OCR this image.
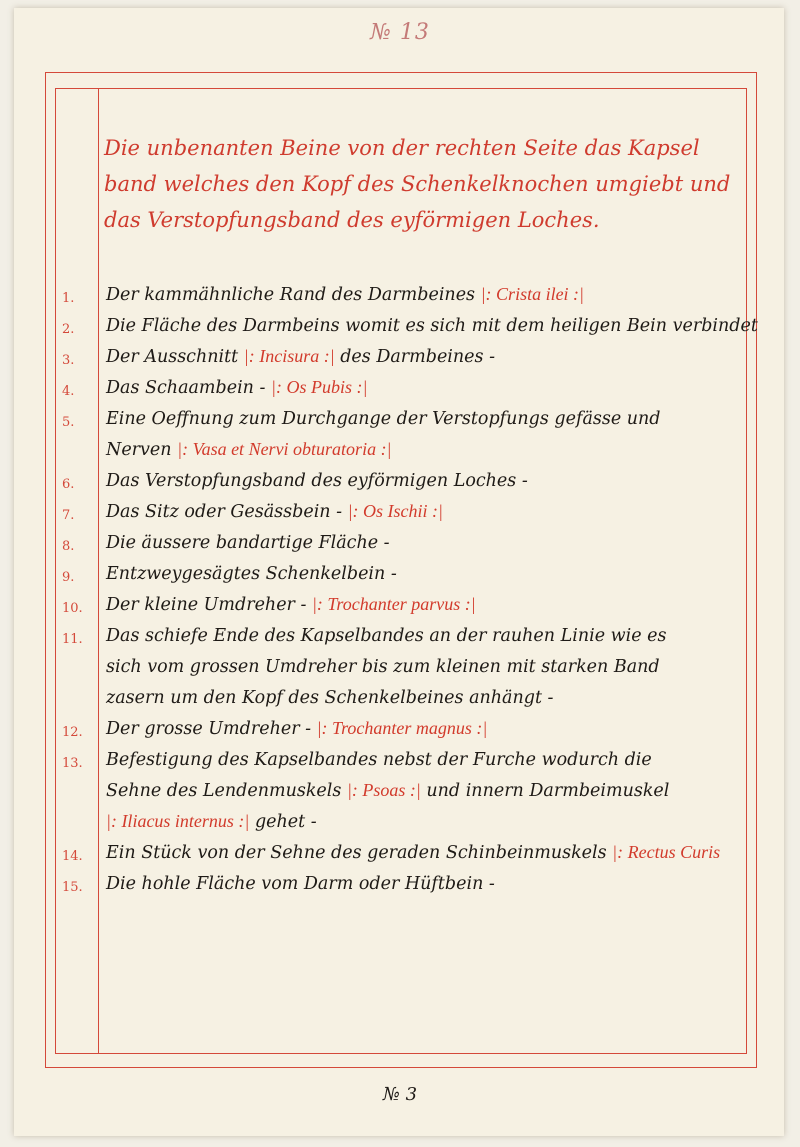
№ 13
Die unbenanten Beine von der rechten Seite das Kapsel
band welches den Kopf des Schenkelknochen umgiebt und
das Verstopfungsband des eyförmigen Loches.
1.	Der kammähnliche Rand des Darmbeines |: Crista ilei :|
2.	Die Fläche des Darmbeins womit es sich mit dem heiligen Bein verbindet
3.	Der Ausschnitt |: Incisura :| des Darmbeines -
4.	Das Schaambein - |: Os Pubis :|
5.	Eine Oeffnung zum Durchgange der Verstopfungs gefässe und
Nerven |: Vasa et Nervi obturatoria :|
6.	Das Verstopfungsband des eyförmigen Loches -
7.	Das Sitz oder Gesässbein - |: Os Ischii :|
8.	Die äussere bandartige Fläche -
9.	Entzweygesägtes Schenkelbein -
10.	Der kleine Umdreher - |: Trochanter parvus :|
11.	Das schiefe Ende des Kapselbandes an der rauhen Linie wie es
sich vom grossen Umdreher bis zum kleinen mit starken Band
zasern um den Kopf des Schenkelbeines anhängt -
12.	Der grosse Umdreher - |: Trochanter magnus :|
13.	Befestigung des Kapselbandes nebst der Furche wodurch die
Sehne des Lendenmuskels |: Psoas :| und innern Darmbeimuskel
|: Iliacus internus :| gehet -
14.	Ein Stück von der Sehne des geraden Schinbeinmuskels |: Rectus Curis
15.	Die hohle Fläche vom Darm oder Hüftbein -
№ 3
